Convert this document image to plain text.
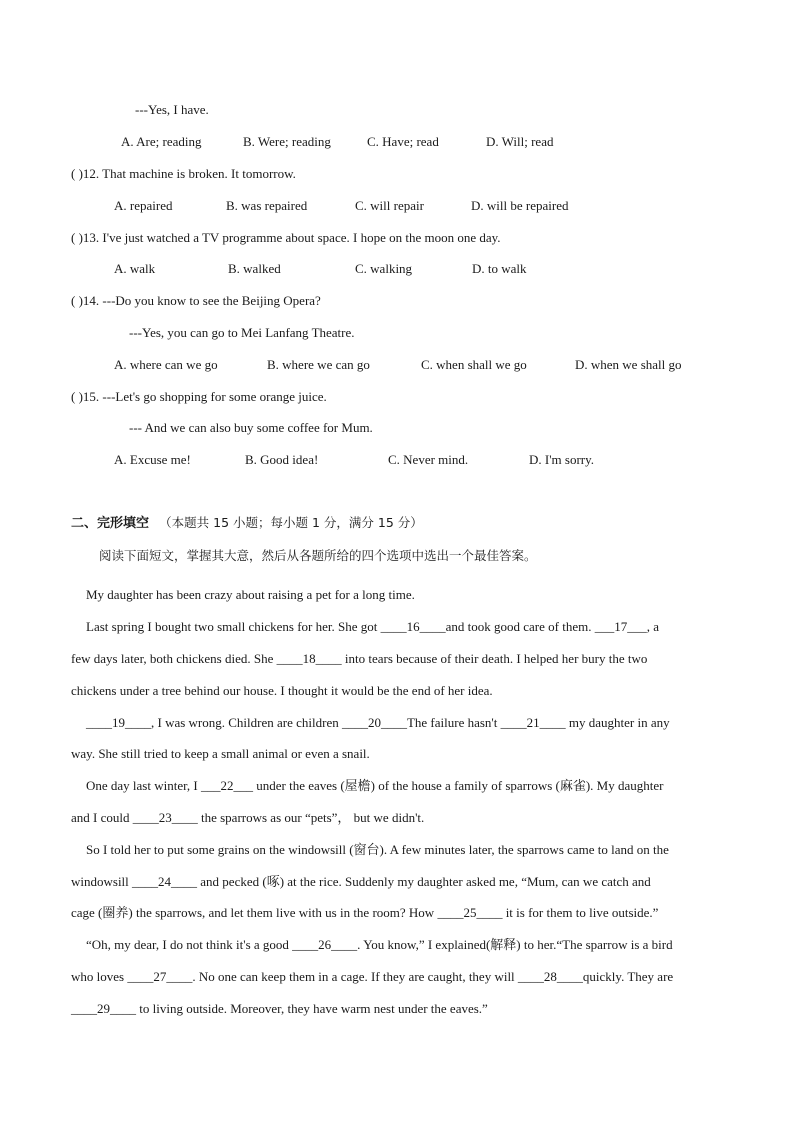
---Yes, I have.
A. Are; reading	B. Were; reading	C. Have; read	D. Will; read
( )12. That machine is broken. It tomorrow.
A. repaired	B. was repaired	C. will repair	D. will be repaired
( )13. I've just watched a TV programme about space. I hope on the moon one day.
A. walk	B. walked	C. walking	D. to walk
( )14. ---Do you know to see the Beijing Opera?
---Yes, you can go to Mei Lanfang Theatre.
A. where can we go	B. where we can go	C. when shall we go	D. when we shall go
( )15. ---Let's go shopping for some orange juice.
--- And we can also buy some coffee for Mum.
A. Excuse me!	B. Good idea!	C. Never mind.	D. I'm sorry.
二、完形填空 （本题共 15 小题；每小题 1 分，满分 15 分）
阅读下面短文，掌握其大意，然后从各题所给的四个选项中选出一个最佳答案。
My daughter has been crazy about raising a pet for a long time.
Last spring I bought two small chickens for her. She got ____16____and took good care of them. ___17___, a
few days later, both chickens died. She ____18____ into tears because of their death. I helped her bury the two
chickens under a tree behind our house. I thought it would be the end of her idea.
____19____, I was wrong. Children are children ____20____The failure hasn't ____21____ my daughter in any
way. She still tried to keep a small animal or even a snail.
One day last winter, I ___22___ under the eaves (屋檐) of the house a family of sparrows (麻雀). My daughter
and I could ____23____ the sparrows as our “pets”， but we didn't.
So I told her to put some grains on the windowsill (窗台). A few minutes later, the sparrows came to land on the
windowsill ____24____ and pecked (啄) at the rice. Suddenly my daughter asked me, “Mum, can we catch and
cage (圈养) the sparrows, and let them live with us in the room? How ____25____ it is for them to live outside.”
“Oh, my dear, I do not think it's a good ____26____. You know,” I explained(解释) to her.“The sparrow is a bird
who loves ____27____. No one can keep them in a cage. If they are caught, they will ____28____quickly. They are
____29____ to living outside. Moreover, they have warm nest under the eaves.”
